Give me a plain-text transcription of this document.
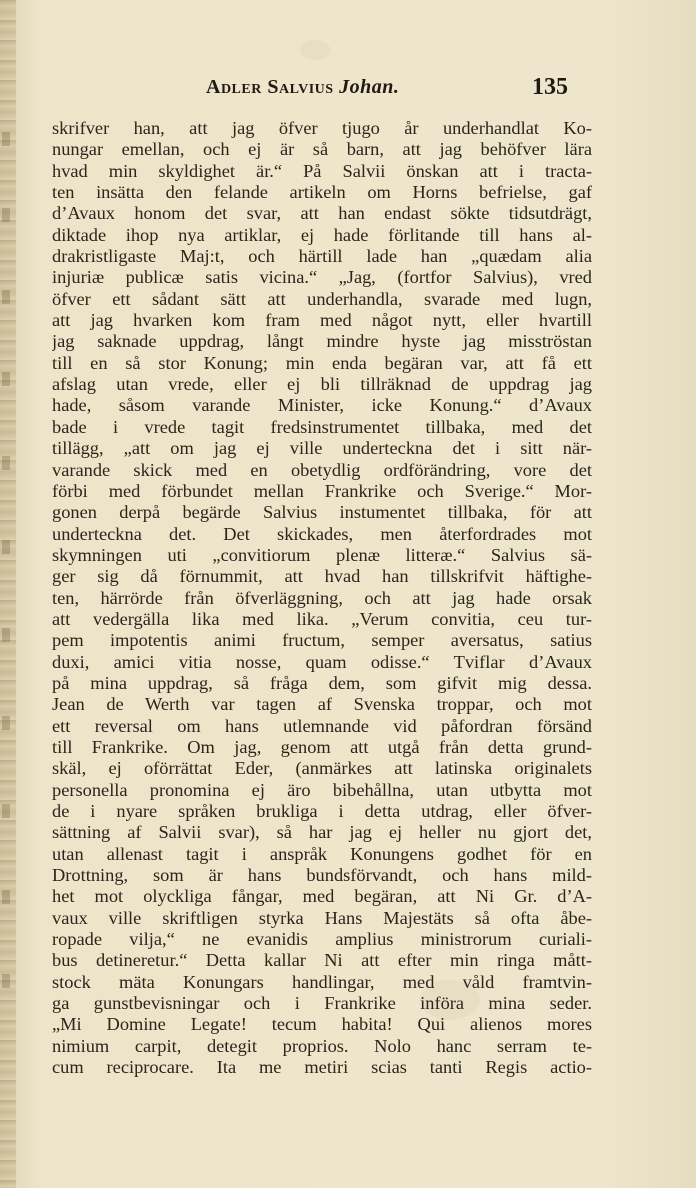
Adler Salvius Johan.	135
skrifver han, att jag öfver tjugo år underhandlat Ko-
nungar emellan, och ej är så barn, att jag behöfver lära
hvad min skyldighet är.“ På Salvii önskan att i tracta-
ten insätta den felande artikeln om Horns befrielse, gaf
d’Avaux honom det svar, att han endast sökte tidsutdrägt,
diktade ihop nya artiklar, ej hade förlitande till hans al-
drakristligaste Maj:t, och härtill lade han „quædam alia
injuriæ publicæ satis vicina.“ „Jag, (fortfor Salvius), vred
öfver ett sådant sätt att underhandla, svarade med lugn,
att jag hvarken kom fram med något nytt, eller hvartill
jag saknade uppdrag, långt mindre hyste jag misströstan
till en så stor Konung; min enda begäran var, att få ett
afslag utan vrede, eller ej bli tillräknad de uppdrag jag
hade, såsom varande Minister, icke Konung.“ d’Avaux
bade i vrede tagit fredsinstrumentet tillbaka, med det
tillägg, „att om jag ej ville underteckna det i sitt när-
varande skick med en obetydlig ordförändring, vore det
förbi med förbundet mellan Frankrike och Sverige.“ Mor-
gonen derpå begärde Salvius instumentet tillbaka, för att
underteckna det. Det skickades, men återfordrades mot
skymningen uti „convitiorum plenæ litteræ.“ Salvius sä-
ger sig då förnummit, att hvad han tillskrifvit häftighe-
ten, härrörde från öfverläggning, och att jag hade orsak
att vedergälla lika med lika. „Verum convitia, ceu tur-
pem impotentis animi fructum, semper aversatus, satius
duxi, amici vitia nosse, quam odisse.“ Tviflar d’Avaux
på mina uppdrag, så fråga dem, som gifvit mig dessa.
Jean de Werth var tagen af Svenska troppar, och mot
ett reversal om hans utlemnande vid påfordran försänd
till Frankrike. Om jag, genom att utgå från detta grund-
skäl, ej oförrättat Eder, (anmärkes att latinska originalets
personella pronomina ej äro bibehållna, utan utbytta mot
de i nyare språken brukliga i detta utdrag, eller öfver-
sättning af Salvii svar), så har jag ej heller nu gjort det,
utan allenast tagit i anspråk Konungens godhet för en
Drottning, som är hans bundsförvandt, och hans mild-
het mot olyckliga fångar, med begäran, att Ni Gr. d’A-
vaux ville skriftligen styrka Hans Majestäts så ofta åbe-
ropade vilja,“ ne evanidis amplius ministrorum curiali-
bus detineretur.“ Detta kallar Ni att efter min ringa mått-
stock mäta Konungars handlingar, med våld framtvin-
ga gunstbevisningar och i Frankrike införa mina seder.
„Mi Domine Legate! tecum habita! Qui alienos mores
nimium carpit, detegit proprios. Nolo hanc serram te-
cum reciprocare. Ita me metiri scias tanti Regis actio-
